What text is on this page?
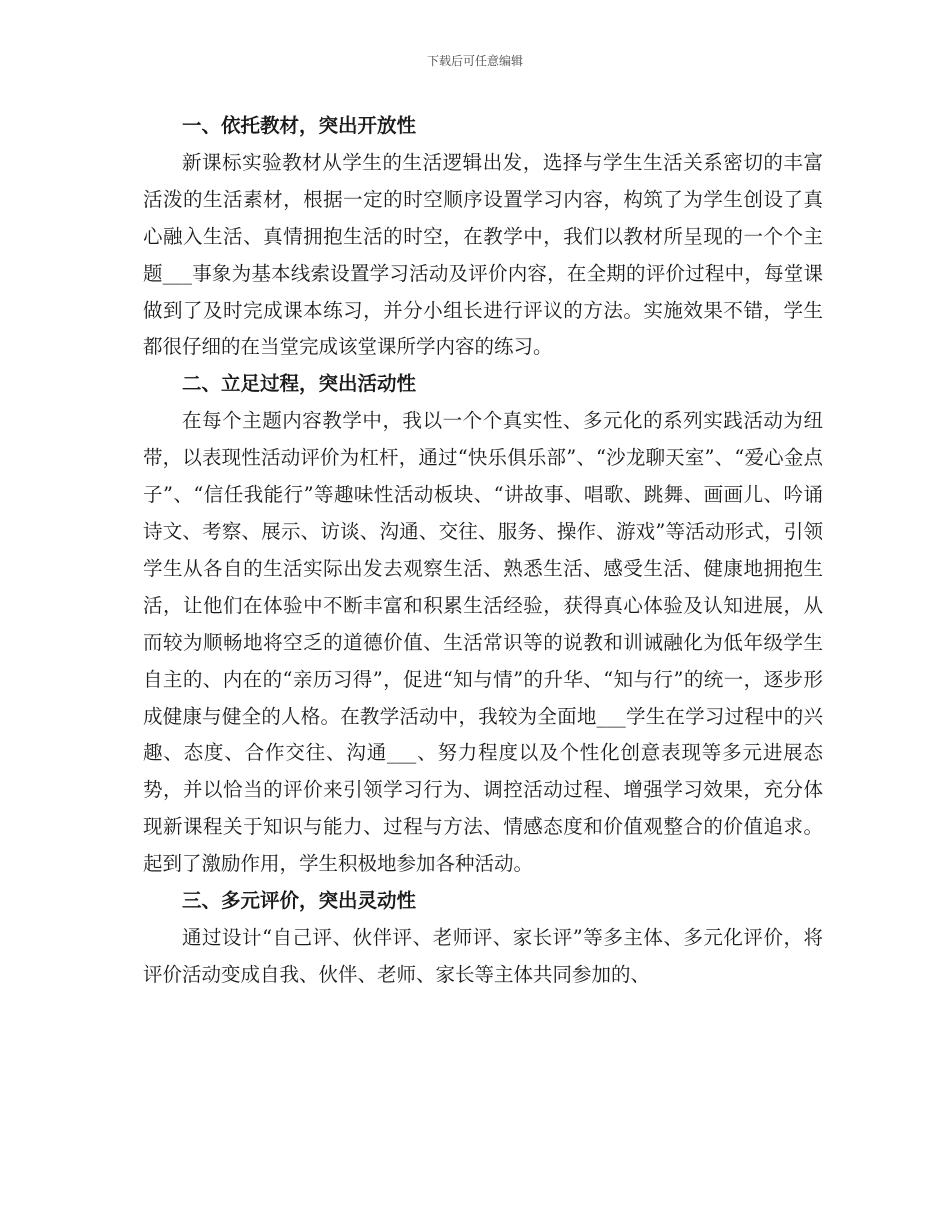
下载后可任意编辑
一、依托教材，突出开放性

新课标实验教材从学生的生活逻辑出发，选择与学生生活关系密切的丰富活泼的生活素材，根据一定的时空顺序设置学习内容，构筑了为学生创设了真心融入生活、真情拥抱生活的时空，在教学中，我们以教材所呈现的一个个主题___事象为基本线索设置学习活动及评价内容，在全期的评价过程中，每堂课做到了及时完成课本练习，并分小组长进行评议的方法。实施效果不错，学生都很仔细的在当堂完成该堂课所学内容的练习。

二、立足过程，突出活动性

在每个主题内容教学中，我以一个个真实性、多元化的系列实践活动为纽带，以表现性活动评价为杠杆，通过“快乐俱乐部”、“沙龙聊天室”、“爱心金点子”、“信任我能行”等趣味性活动板块、“讲故事、唱歌、跳舞、画画儿、吟诵诗文、考察、展示、访谈、沟通、交往、服务、操作、游戏”等活动形式，引领学生从各自的生活实际出发去观察生活、熟悉生活、感受生活、健康地拥抱生活，让他们在体验中不断丰富和积累生活经验，获得真心体验及认知进展，从而较为顺畅地将空乏的道德价值、生活常识等的说教和训诫融化为低年级学生自主的、内在的“亲历习得”，促进“知与情”的升华、“知与行”的统一，逐步形成健康与健全的人格。在教学活动中，我较为全面地___学生在学习过程中的兴趣、态度、合作交往、沟通___、努力程度以及个性化创意表现等多元进展态势，并以恰当的评价来引领学习行为、调控活动过程、增强学习效果，充分体现新课程关于知识与能力、过程与方法、情感态度和价值观整合的价值追求。起到了激励作用，学生积极地参加各种活动。

三、多元评价，突出灵动性

通过设计“自己评、伙伴评、老师评、家长评”等多主体、多元化评价，将评价活动变成自我、伙伴、老师、家长等主体共同参加的、
